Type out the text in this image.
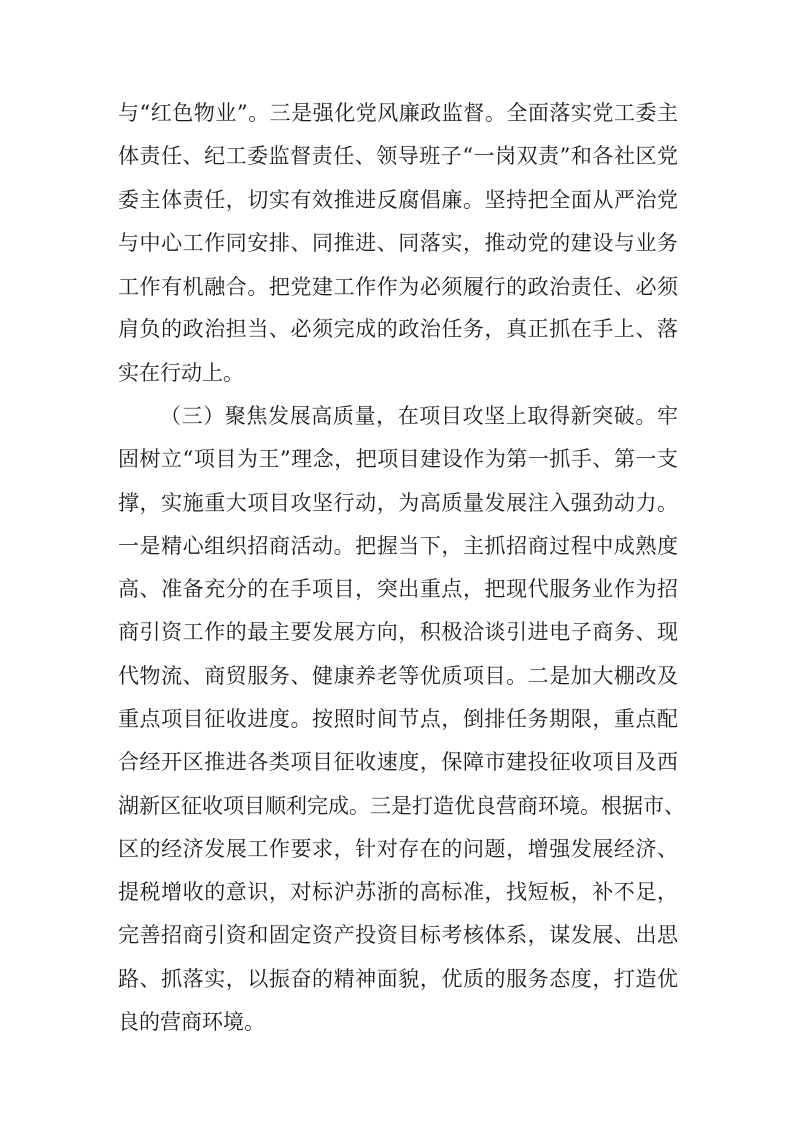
与“红色物业”。三是强化党风廉政监督。全面落实党工委主
体责任、纪工委监督责任、领导班子“一岗双责”和各社区党
委主体责任，切实有效推进反腐倡廉。坚持把全面从严治党
与中心工作同安排、同推进、同落实，推动党的建设与业务
工作有机融合。把党建工作作为必须履行的政治责任、必须
肩负的政治担当、必须完成的政治任务，真正抓在手上、落
实在行动上。
（三）聚焦发展高质量，在项目攻坚上取得新突破。牢
固树立“项目为王”理念，把项目建设作为第一抓手、第一支
撑，实施重大项目攻坚行动，为高质量发展注入强劲动力。
一是精心组织招商活动。把握当下，主抓招商过程中成熟度
高、准备充分的在手项目，突出重点，把现代服务业作为招
商引资工作的最主要发展方向，积极洽谈引进电子商务、现
代物流、商贸服务、健康养老等优质项目。二是加大棚改及
重点项目征收进度。按照时间节点，倒排任务期限，重点配
合经开区推进各类项目征收速度，保障市建投征收项目及西
湖新区征收项目顺利完成。三是打造优良营商环境。根据市、
区的经济发展工作要求，针对存在的问题，增强发展经济、
提税增收的意识，对标沪苏浙的高标准，找短板，补不足，
完善招商引资和固定资产投资目标考核体系，谋发展、出思
路、抓落实，以振奋的精神面貌，优质的服务态度，打造优
良的营商环境。
